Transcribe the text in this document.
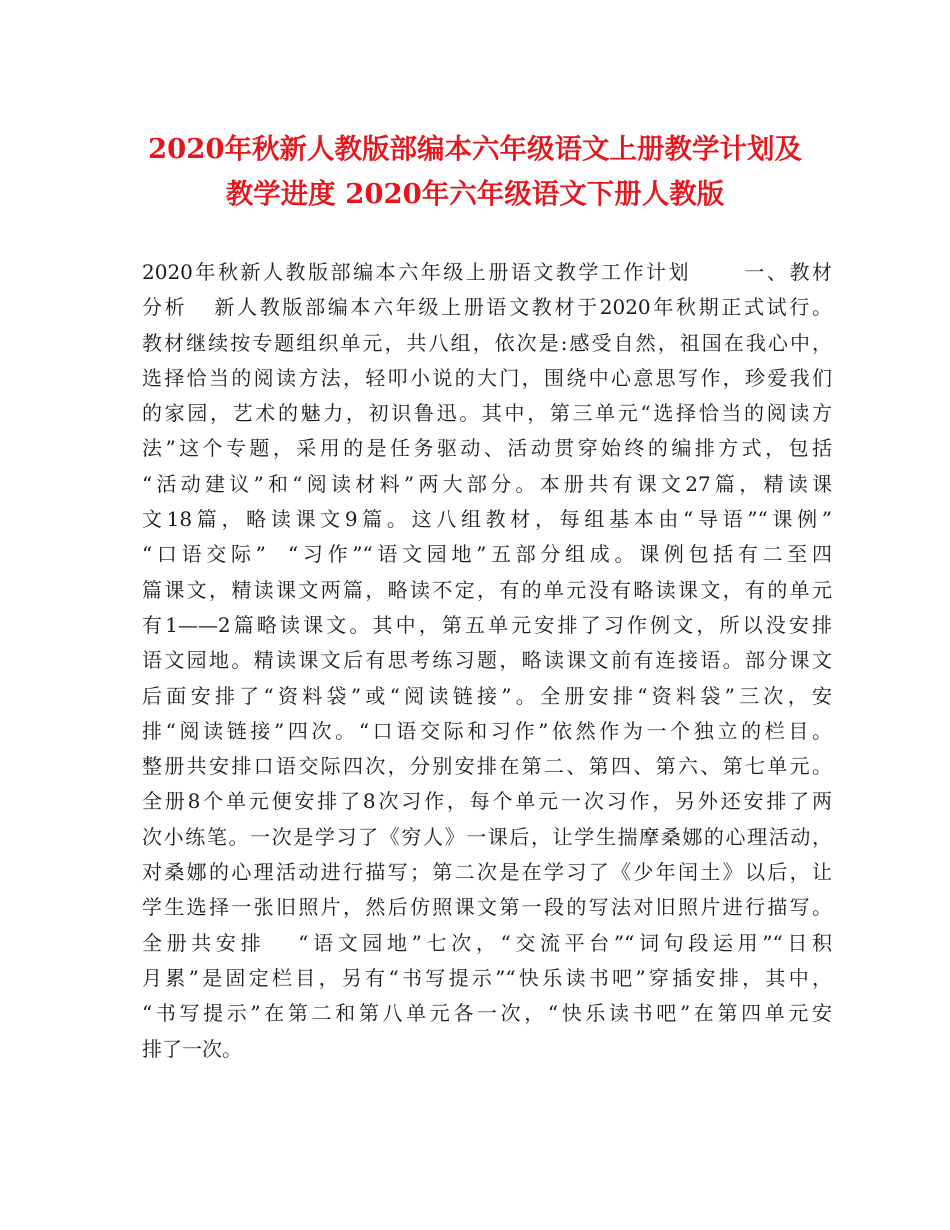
2020年秋新人教版部编本六年级语文上册教学计划及
教学进度 2020年六年级语文下册人教版
2020年秋新人教版部编本六年级上册语文教学工作计划      一、教材
分析   新人教版部编本六年级上册语文教材于2020年秋期正式试行。
教材继续按专题组织单元，共八组，依次是:感受自然，祖国在我心中，
选择恰当的阅读方法，轻叩小说的大门，围绕中心意思写作，珍爱我们
的家园，艺术的魅力，初识鲁迅。其中，第三单元“选择恰当的阅读方
法”这个专题，采用的是任务驱动、活动贯穿始终的编排方式，包括
“活动建议”和“阅读材料”两大部分。本册共有课文27篇，精读课
文18篇，略读课文9篇。这八组教材，每组基本由“导语”“课例”
“口语交际”  “习作”“语文园地”五部分组成。课例包括有二至四
篇课文，精读课文两篇，略读不定，有的单元没有略读课文，有的单元
有1——2篇略读课文。其中，第五单元安排了习作例文，所以没安排
语文园地。精读课文后有思考练习题，略读课文前有连接语。部分课文
后面安排了“资料袋”或“阅读链接”。全册安排“资料袋”三次，安
排“阅读链接”四次。“口语交际和习作”依然作为一个独立的栏目。
整册共安排口语交际四次，分别安排在第二、第四、第六、第七单元。
全册8个单元便安排了8次习作，每个单元一次习作，另外还安排了两
次小练笔。一次是学习了《穷人》一课后，让学生揣摩桑娜的心理活动，
对桑娜的心理活动进行描写；第二次是在学习了《少年闰土》以后，让
学生选择一张旧照片，然后仿照课文第一段的写法对旧照片进行描写。
全册共安排   “语文园地”七次，“交流平台”“词句段运用”“日积
月累”是固定栏目，另有“书写提示”“快乐读书吧”穿插安排，其中，
“书写提示”在第二和第八单元各一次，“快乐读书吧”在第四单元安
排了一次。
